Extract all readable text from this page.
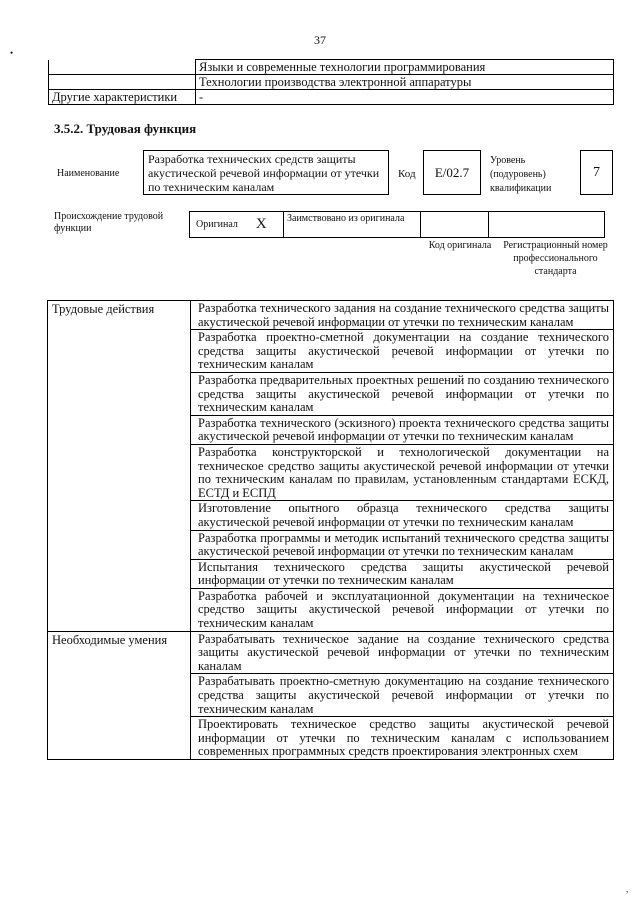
37
•
	Языки и современные технологии программирования
	Технологии производства электронной аппаратуры
Другие характеристики	-
3.5.2. Трудовая функция
Наименование
Разработка технических средств защиты акустической речевой информации от утечки по техническим каналам
Код	E/02.7
Уровень (подуровень) квалификации
7
Происхождение трудовой функции	Оригинал X	Заимствовано из оригинала
Код оригинала	Регистрационный номер профессионального стандарта
Трудовые действия	Разработка технического задания на создание технического средства защиты акустической речевой информации от утечки по техническим каналам
	Разработка проектно-сметной документации на создание технического средства защиты акустической речевой информации от утечки по техническим каналам
	Разработка предварительных проектных решений по созданию технического средства защиты акустической речевой информации от утечки по техническим каналам
	Разработка технического (эскизного) проекта технического средства защиты акустической речевой информации от утечки по техническим каналам
	Разработка конструкторской и технологической документации на техническое средство защиты акустической речевой информации от утечки по техническим каналам по правилам, установленным стандартами ЕСКД, ЕСТД и ЕСПД
	Изготовление опытного образца технического средства защиты акустической речевой информации от утечки по техническим каналам
	Разработка программы и методик испытаний технического средства защиты акустической речевой информации от утечки по техническим каналам
	Испытания технического средства защиты акустической речевой информации от утечки по техническим каналам
	Разработка рабочей и эксплуатационной документации на техническое средство защиты акустической речевой информации от утечки по техническим каналам
Необходимые умения	Разрабатывать техническое задание на создание технического средства защиты акустической речевой информации от утечки по техническим каналам
	Разрабатывать проектно-сметную документацию на создание технического средства защиты акустической речевой информации от утечки по техническим каналам
	Проектировать техническое средство защиты акустической речевой информации от утечки по техническим каналам с использованием современных программных средств проектирования электронных схем
,
